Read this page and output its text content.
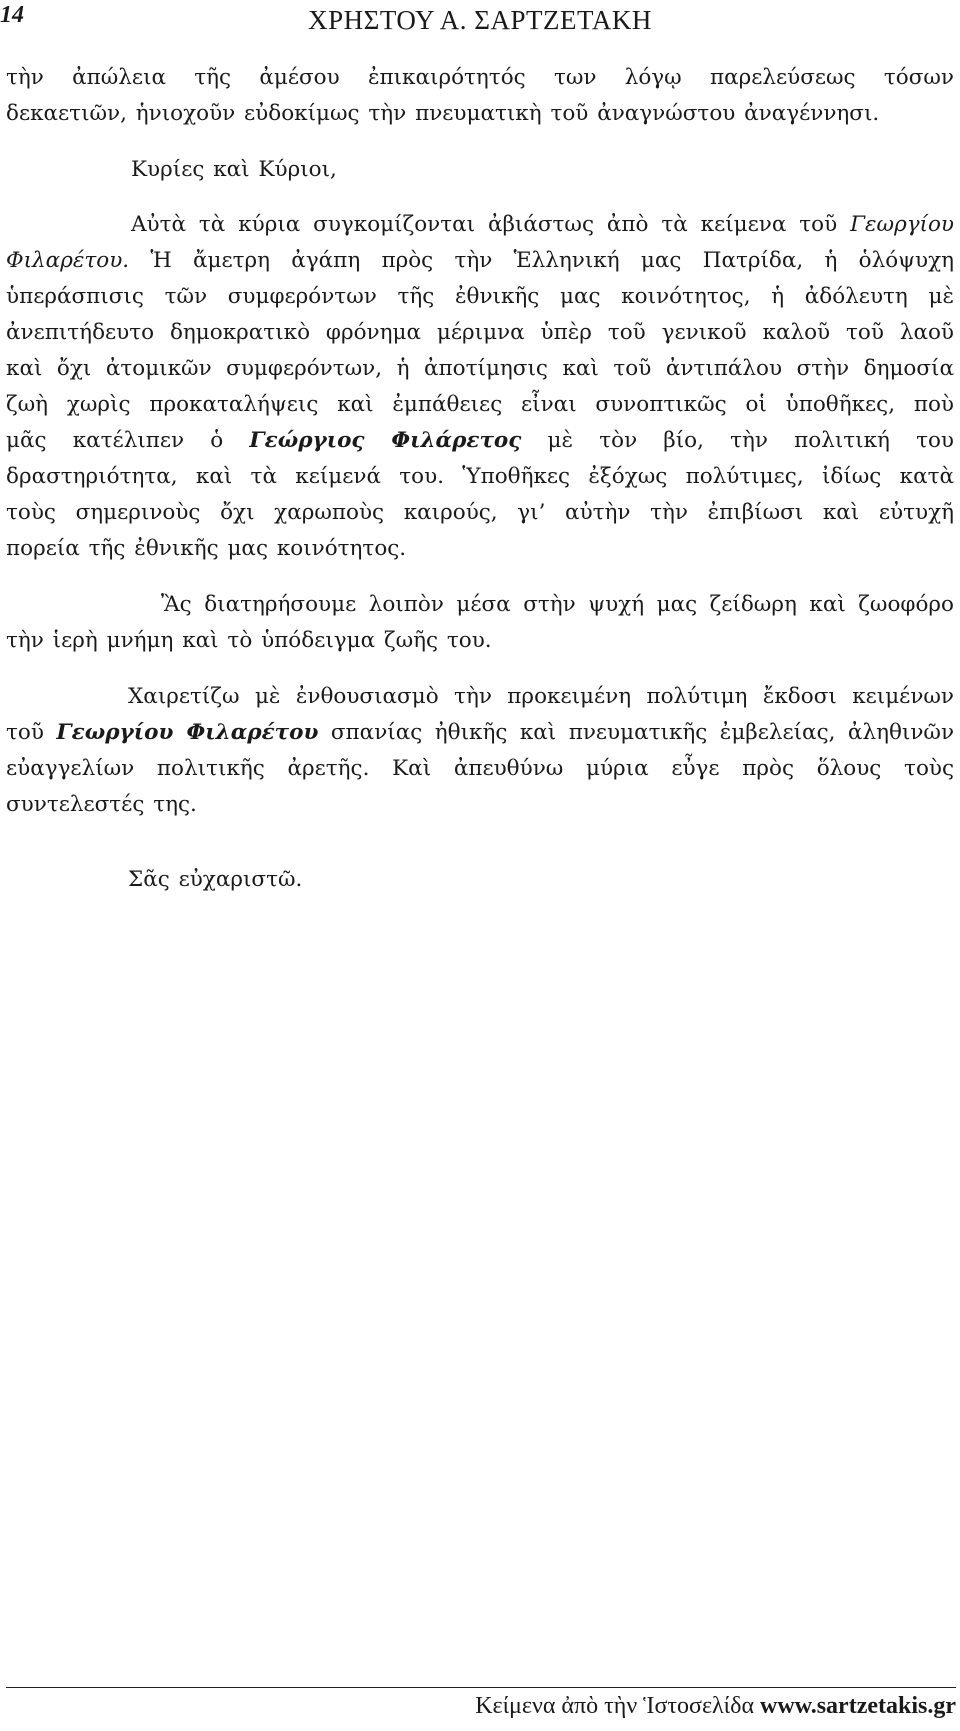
14	ΧΡΗΣΤΟΥ Α. ΣΑΡΤΖΕΤΑΚΗ
τὴν ἀπώλεια τῆς ἀμέσου ἐπικαιρότητός των λόγῳ παρελεύσεως τόσων
δεκαετιῶν, ἡνιοχοῦν εὐδοκίμως τὴν πνευματικὴ τοῦ ἀναγνώστου ἀναγέννησι.
Κυρίες καὶ Κύριοι,
Αὐτὰ τὰ κύρια συγκομίζονται ἀβιάστως ἀπὸ τὰ κείμενα τοῦ Γεωργίου
Φιλαρέτου. Ἡ ἄμετρη ἀγάπη πρὸς τὴν Ἑλληνική μας Πατρίδα, ἡ ὁλόψυχη
ὑπεράσπισις τῶν συμφερόντων τῆς ἐθνικῆς μας κοινότητος, ἡ ἀδόλευτη μὲ
ἀνεπιτήδευτο δημοκρατικὸ φρόνημα μέριμνα ὑπὲρ τοῦ γενικοῦ καλοῦ τοῦ λαοῦ
καὶ ὄχι ἀτομικῶν συμφερόντων, ἡ ἀποτίμησις καὶ τοῦ ἀντιπάλου στὴν δημοσία
ζωὴ χωρὶς προκαταλήψεις καὶ ἐμπάθειες εἶναι συνοπτικῶς οἱ ὑποθῆκες, ποὺ
μᾶς κατέλιπεν ὁ Γεώργιος Φιλάρετος μὲ τὸν βίο, τὴν πολιτική του
δραστηριότητα, καὶ τὰ κείμενά του. Ὑποθῆκες ἐξόχως πολύτιμες, ἰδίως κατὰ
τοὺς σημερινοὺς ὄχι χαρωποὺς καιρούς, γι’ αὐτὴν τὴν ἐπιβίωσι καὶ εὐτυχῆ
πορεία τῆς ἐθνικῆς μας κοινότητος.
Ἂς διατηρήσουμε λοιπὸν μέσα στὴν ψυχή μας ζείδωρη καὶ ζωοφόρο
τὴν ἱερὴ μνήμη καὶ τὸ ὑπόδειγμα ζωῆς του.
Χαιρετίζω μὲ ἐνθουσιασμὸ τὴν προκειμένη πολύτιμη ἔκδοσι κειμένων
τοῦ Γεωργίου Φιλαρέτου σπανίας ἠθικῆς καὶ πνευματικῆς ἐμβελείας, ἀληθινῶν
εὐαγγελίων πολιτικῆς ἀρετῆς. Καὶ ἀπευθύνω μύρια εὖγε πρὸς ὅλους τοὺς
συντελεστές της.
Σᾶς εὐχαριστῶ.
Κείμενα ἀπὸ τὴν Ἱστοσελίδα www.sartzetakis.gr
